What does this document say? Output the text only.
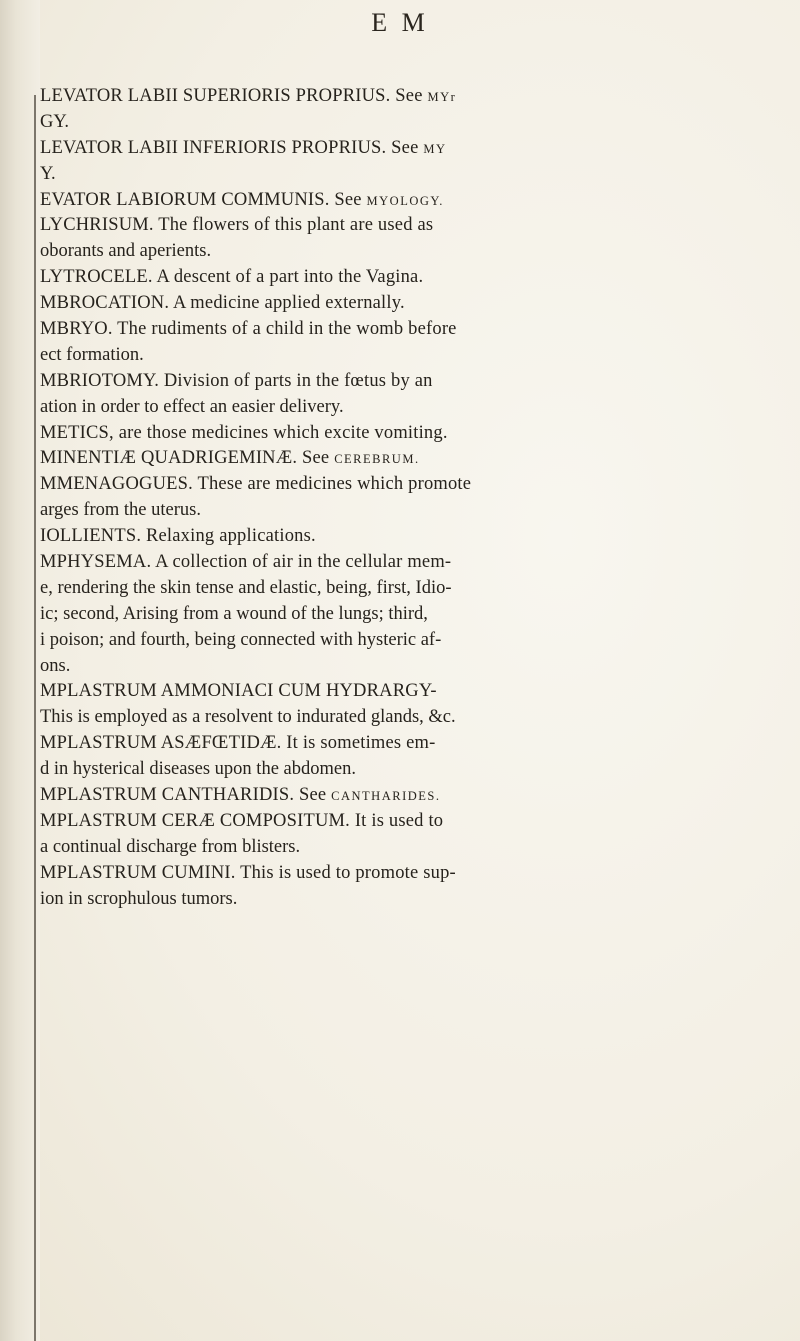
E M
LEVATOR LABII SUPERIORIS PROPRIUS. See MYr
GY.
LEVATOR LABII INFERIORIS PROPRIUS. See MY
Y.
EVATOR LABIORUM COMMUNIS. See MYOLOGY.
LYCHRISUM. The flowers of this plant are used as
oborants and aperients.
LYTROCELE. A descent of a part into the Vagina.
MBROCATION. A medicine applied externally.
MBRYO. The rudiments of a child in the womb before
ect formation.
MBRIOTOMY. Division of parts in the fœtus by an
ation in order to effect an easier delivery.
METICS, are those medicines which excite vomiting.
MINENTIÆ QUADRIGEMINÆ. See CEREBRUM.
MMENAGOGUES. These are medicines which promote
arges from the uterus.
IOLLIENTS. Relaxing applications.
MPHYSEMA. A collection of air in the cellular mem-
e, rendering the skin tense and elastic, being, first, Idio-
ic; second, Arising from a wound of the lungs; third,
i poison; and fourth, being connected with hysteric af-
ons.
MPLASTRUM AMMONIACI CUM HYDRARGY-
This is employed as a resolvent to indurated glands, &c.
MPLASTRUM ASÆFŒTIDÆ. It is sometimes em-
d in hysterical diseases upon the abdomen.
MPLASTRUM CANTHARIDIS. See CANTHARIDES.
MPLASTRUM CERÆ COMPOSITUM. It is used to
a continual discharge from blisters.
MPLASTRUM CUMINI. This is used to promote sup-
ion in scrophulous tumors.
